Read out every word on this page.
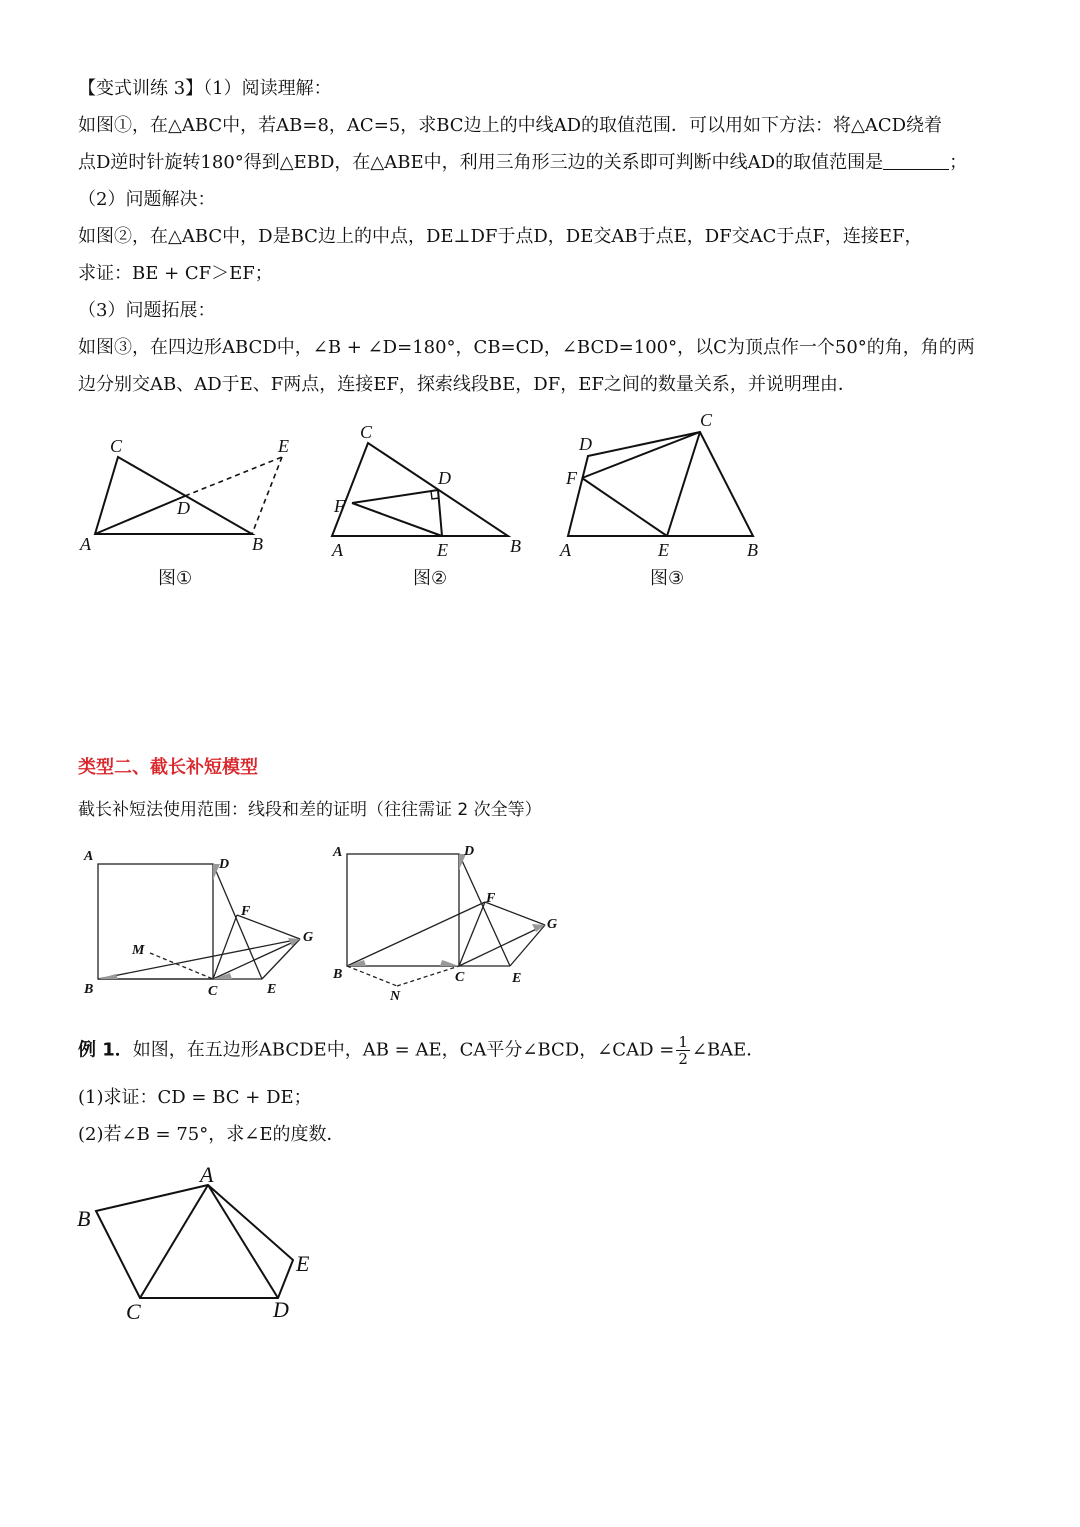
【变式训练 3】（1）阅读理解：
如图①，在△ABC中，若AB=8，AC=5，求BC边上的中线AD的取值范围．可以用如下方法：将△ACD绕着
点D逆时针旋转180°得到△EBD，在△ABE中，利用三角形三边的关系即可判断中线AD的取值范围是	；
（2）问题解决：
如图②，在△ABC中，D是BC边上的中点，DE⊥DF于点D，DE交AB于点E，DF交AC于点F，连接EF，
求证：BE + CF＞EF；
（3）问题拓展：
如图③，在四边形ABCD中，∠B + ∠D=180°，CB=CD，∠BCD=100°，以C为顶点作一个50°的角，角的两
边分别交AB、AD于E、F两点，连接EF，探索线段BE，DF，EF之间的数量关系，并说明理由．
C	E
D
A	B
图①
C
D
F
A	E	B
图②
D
C
F
A	E	B
图③
类型二、截长补短模型
截长补短法使用范围：线段和差的证明（往往需证 2 次全等）
A
D
F
G
M
B	C	E
A	D
F
G
B	C	E
N
例 1．如图，在五边形ABCDE中，AB = AE，CA平分∠BCD，∠CAD = $\frac{1}{2}$ ∠BAE．
(1)求证：CD = BC + DE；
(2)若∠B = 75°，求∠E的度数．
A
B
C	D
E
